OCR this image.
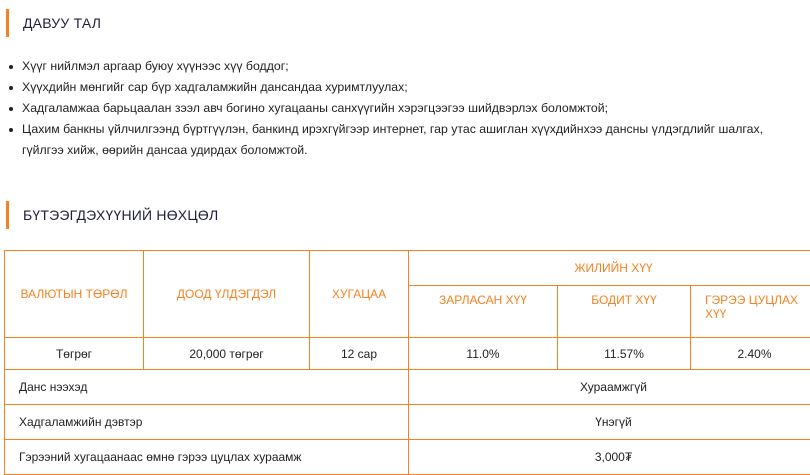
ДАВУУ ТАЛ
Хүүг нийлмэл аргаар буюу хүүнээс хүү боддог;
Хүүхдийн мөнгийг сар бүр хадгаламжийн дансандаа хуримтлуулах;
Хадгаламжаа барьцаалан зээл авч богино хугацааны санхүүгийн хэрэгцээгээ шийдвэрлэх боломжтой;
Цахим банкны үйлчилгээнд бүртгүүлэн, банкинд ирэхгүйгээр интернет, гар утас ашиглан хүүхдийнхээ дансны үлдэгдлийг шалгах, гүйлгээ хийж, өөрийн дансаа удирдах боломжтой.
БҮТЭЭГДЭХҮҮНИЙ НӨХЦӨЛ
ВАЛЮТЫН ТӨРӨЛ	ДООД ҮЛДЭГДЭЛ	ХУГАЦАА	ЖИЛИЙН ХҮҮ		
			ЗАРЛАСАН ХҮҮ	БОДИТ ХҮҮ	ГЭРЭЭ ЦУЦЛАХ ХҮҮ
Төгрөг	20,000 төгрөг	12 сар	11.0%	11.57%	2.40%
Данс нээхэд			Хураамжгүй		
Хадгаламжийн дэвтэр			Үнэгүй		
Гэрээний хугацаанаас өмнө гэрээ цуцлах хураамж			3,000₮		
